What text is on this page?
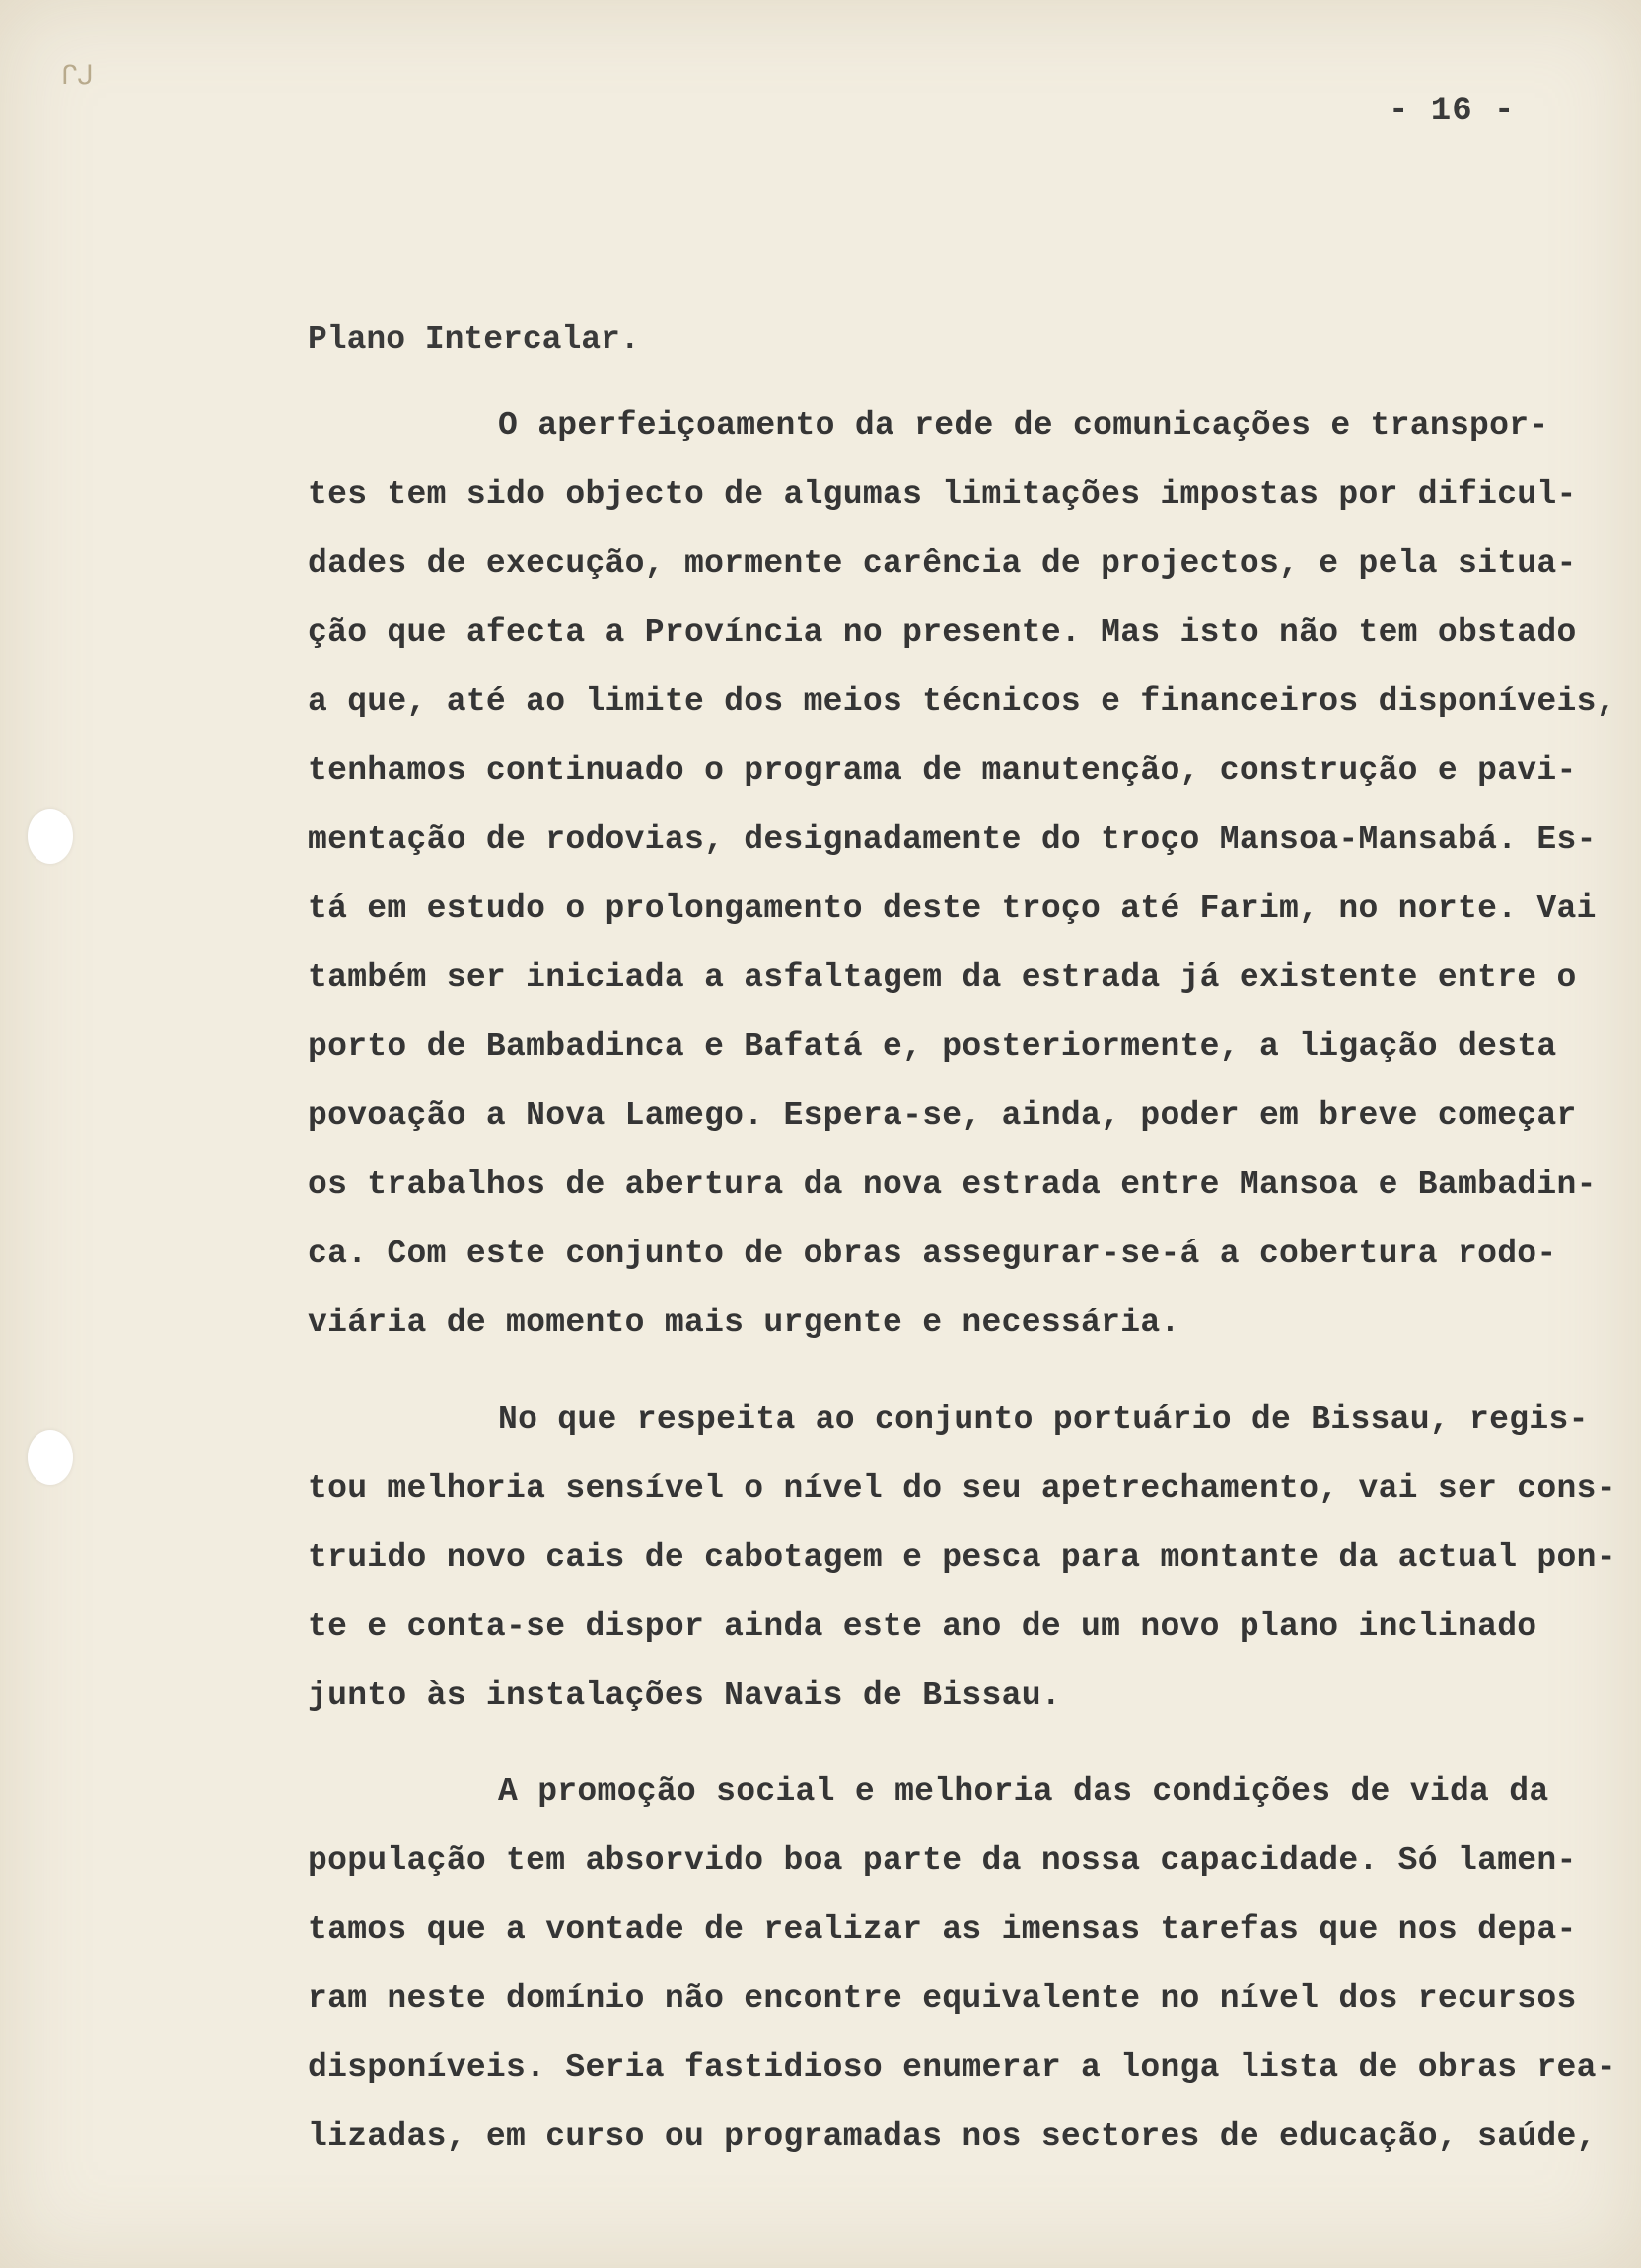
ᒋᒍ
- 16 -
Plano Intercalar.
O aperfeiçoamento da rede de comunicações e transpor-
tes tem sido objecto de algumas limitações impostas por dificul-
dades de execução, mormente carência de projectos, e pela situa-
ção que afecta a Província no presente. Mas isto não tem obstado
a que, até ao limite dos meios técnicos e financeiros disponíveis,
tenhamos continuado o programa de manutenção, construção e pavi-
mentação de rodovias, designadamente do troço Mansoa-Mansabá. Es-
tá em estudo o prolongamento deste troço até Farim, no norte. Vai
também ser iniciada a asfaltagem da estrada já existente entre o
porto de Bambadinca e Bafatá e, posteriormente, a ligação desta
povoação a Nova Lamego. Espera-se, ainda, poder em breve começar
os trabalhos de abertura da nova estrada entre Mansoa e Bambadin-
ca. Com este conjunto de obras assegurar-se-á a cobertura rodo-
viária de momento mais urgente e necessária.
No que respeita ao conjunto portuário de Bissau, regis-
tou melhoria sensível o nível do seu apetrechamento, vai ser cons-
truido novo cais de cabotagem e pesca para montante da actual pon-
te e conta-se dispor ainda este ano de um novo plano inclinado
junto às instalações Navais de Bissau.
A promoção social e melhoria das condições de vida da
população tem absorvido boa parte da nossa capacidade. Só lamen-
tamos que a vontade de realizar as imensas tarefas que nos depa-
ram neste domínio não encontre equivalente no nível dos recursos
disponíveis. Seria fastidioso enumerar a longa lista de obras rea-
lizadas, em curso ou programadas nos sectores de educação, saúde,
